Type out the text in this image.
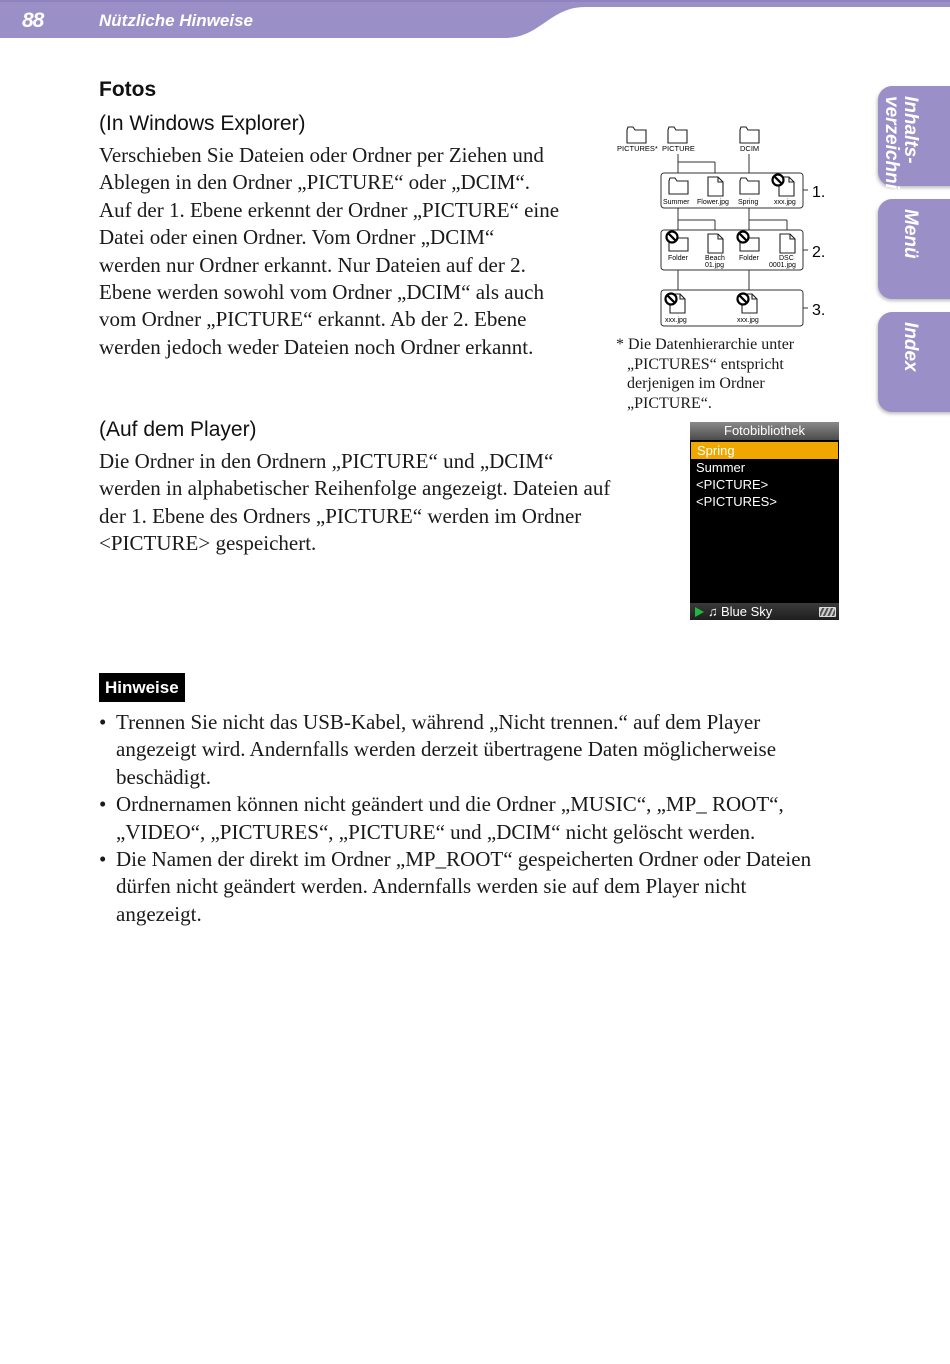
88	Nützliche Hinweise
Inhalts-
verzeichnis
Menü
Index
Fotos

(In Windows Explorer)

Verschieben Sie Dateien oder Ordner per Ziehen und
Ablegen in den Ordner „PICTURE“ oder „DCIM“.
Auf der 1. Ebene erkennt der Ordner „PICTURE“ eine
Datei oder einen Ordner. Vom Ordner „DCIM“
werden nur Ordner erkannt. Nur Dateien auf der 2.
Ebene werden sowohl vom Ordner „DCIM“ als auch
vom Ordner „PICTURE“ erkannt. Ab der 2. Ebene
werden jedoch weder Dateien noch Ordner erkannt.
PICTURES* PICTURE	DCIM
Summer Flower.jpg Spring xxx.jpg
1.
Folder Beach
01.jpg
Folder	DSC
0001.jpg
2.
xxx.jpg	xxx.jpg
3.

* Die Datenhierarchie unter
„PICTURES“ entspricht
derjenigen im Ordner
„PICTURE“.

(Auf dem Player)

Die Ordner in den Ordnern „PICTURE“ und „DCIM“
werden in alphabetischer Reihenfolge angezeigt. Dateien auf
der 1. Ebene des Ordners „PICTURE“ werden im Ordner
<PICTURE> gespeichert.
Fotobibliothek
Spring
Summer
<PICTURE>
<PICTURES>
♫ Blue Sky
Hinweise
• Trennen Sie nicht das USB-Kabel, während „Nicht trennen.“ auf dem Player angezeigt wird. Andernfalls werden derzeit übertragene Daten möglicherweise beschädigt.
• Ordnernamen können nicht geändert und die Ordner „MUSIC“, „MP_ ROOT“, „VIDEO“, „PICTURES“, „PICTURE“ und „DCIM“ nicht gelöscht werden.
• Die Namen der direkt im Ordner „MP_ROOT“ gespeicherten Ordner oder Dateien dürfen nicht geändert werden. Andernfalls werden sie auf dem Player nicht angezeigt.
